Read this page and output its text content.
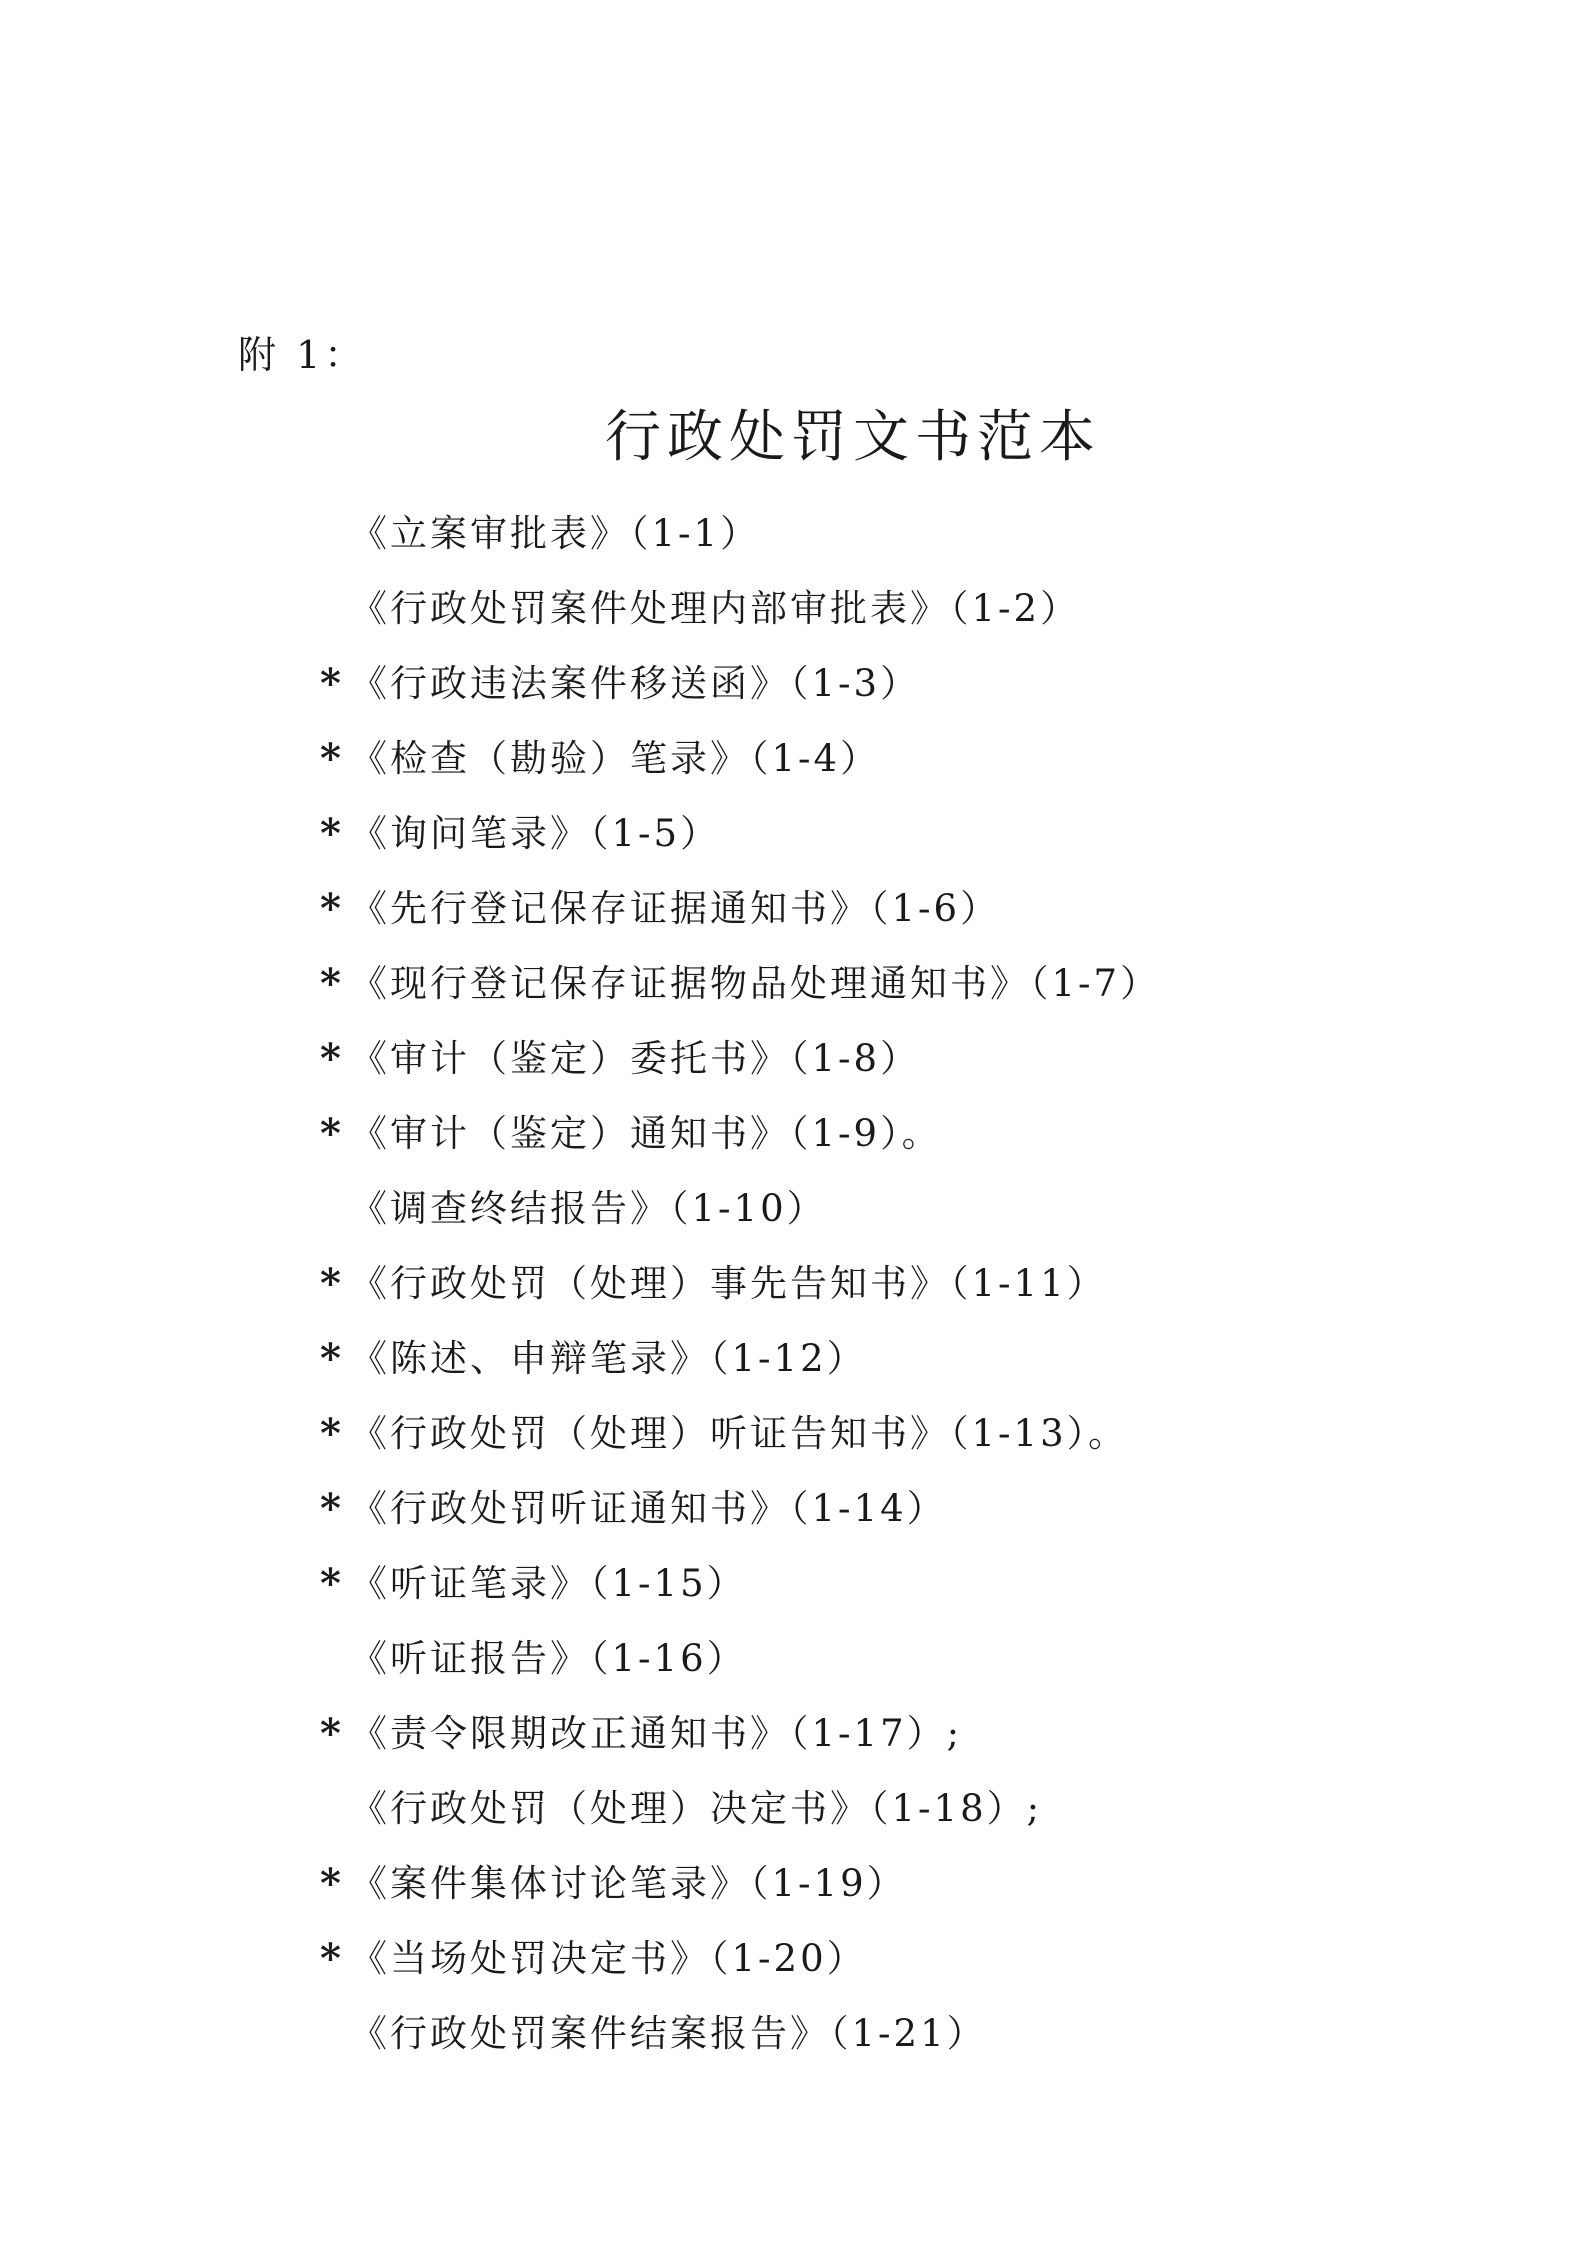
附 1：
行政处罚文书范本
《立案审批表》（1-1）
《行政处罚案件处理内部审批表》（1-2）
* 《行政违法案件移送函》（1-3）
* 《检查（勘验）笔录》（1-4）
* 《询问笔录》（1-5）
* 《先行登记保存证据通知书》（1-6）
* 《现行登记保存证据物品处理通知书》（1-7）
* 《审计（鉴定）委托书》（1-8）
* 《审计（鉴定）通知书》（1-9）。
《调查终结报告》（1-10）
* 《行政处罚（处理）事先告知书》（1-11）
* 《陈述、申辩笔录》（1-12）
* 《行政处罚（处理）听证告知书》（1-13）。
* 《行政处罚听证通知书》（1-14）
* 《听证笔录》（1-15）
《听证报告》（1-16）
* 《责令限期改正通知书》（1-17）;
《行政处罚（处理）决定书》（1-18）;
* 《案件集体讨论笔录》（1-19）
* 《当场处罚决定书》（1-20）
《行政处罚案件结案报告》（1-21）
